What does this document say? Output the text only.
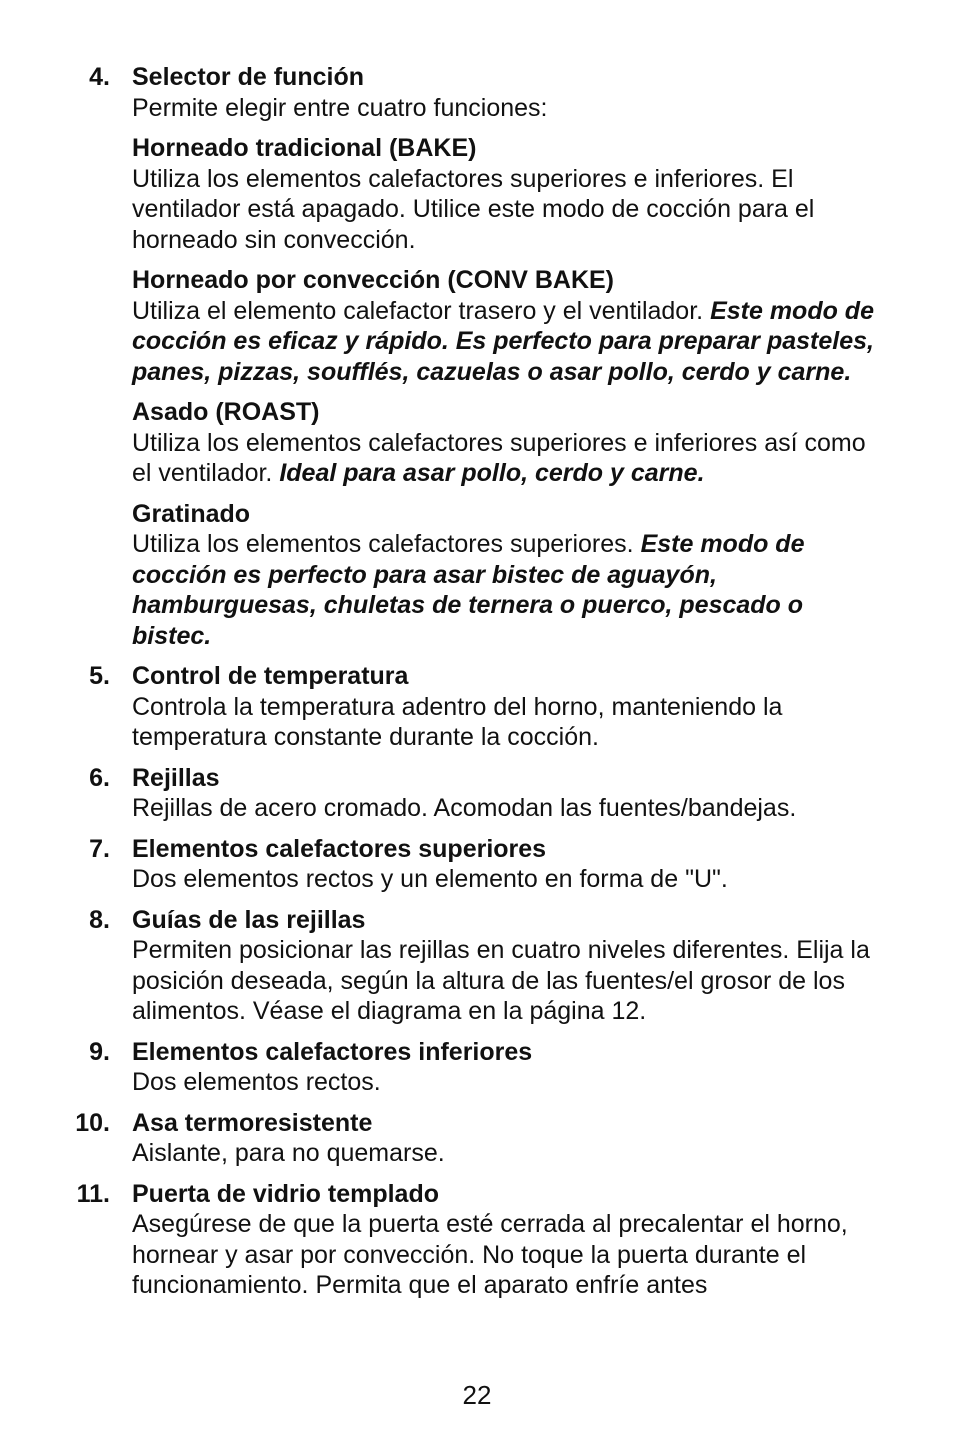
4. Selector de función
Permite elegir entre cuatro funciones:
Horneado tradicional (BAKE)
Utiliza los elementos calefactores superiores e inferiores. El ventilador está apagado. Utilice este modo de cocción para el horneado sin convección.
Horneado por convección (CONV BAKE)
Utiliza el elemento calefactor trasero y el ventilador. Este modo de cocción es eficaz y rápido. Es perfecto para preparar pasteles, panes, pizzas, soufflés, cazuelas o asar pollo, cerdo y carne.
Asado (ROAST)
Utiliza los elementos calefactores superiores e inferiores así como el ventilador. Ideal para asar pollo, cerdo y carne.
Gratinado
Utiliza los elementos calefactores superiores. Este modo de cocción es perfecto para asar bistec de aguayón, hamburguesas, chuletas de ternera o puerco, pescado o bistec.
5. Control de temperatura
Controla la temperatura adentro del horno, manteniendo la temperatura constante durante la cocción.
6. Rejillas
Rejillas de acero cromado. Acomodan las fuentes/bandejas.
7. Elementos calefactores superiores
Dos elementos rectos y un elemento en forma de "U".
8. Guías de las rejillas
Permiten posicionar las rejillas en cuatro niveles diferentes. Elija la posición deseada, según la altura de las fuentes/el grosor de los alimentos. Véase el diagrama en la página 12.
9. Elementos calefactores inferiores
Dos elementos rectos.
10. Asa termoresistente
Aislante, para no quemarse.
11. Puerta de vidrio templado
Asegúrese de que la puerta esté cerrada al precalentar el horno, hornear y asar por convección. No toque la puerta durante el funcionamiento. Permita que el aparato enfríe antes
22
